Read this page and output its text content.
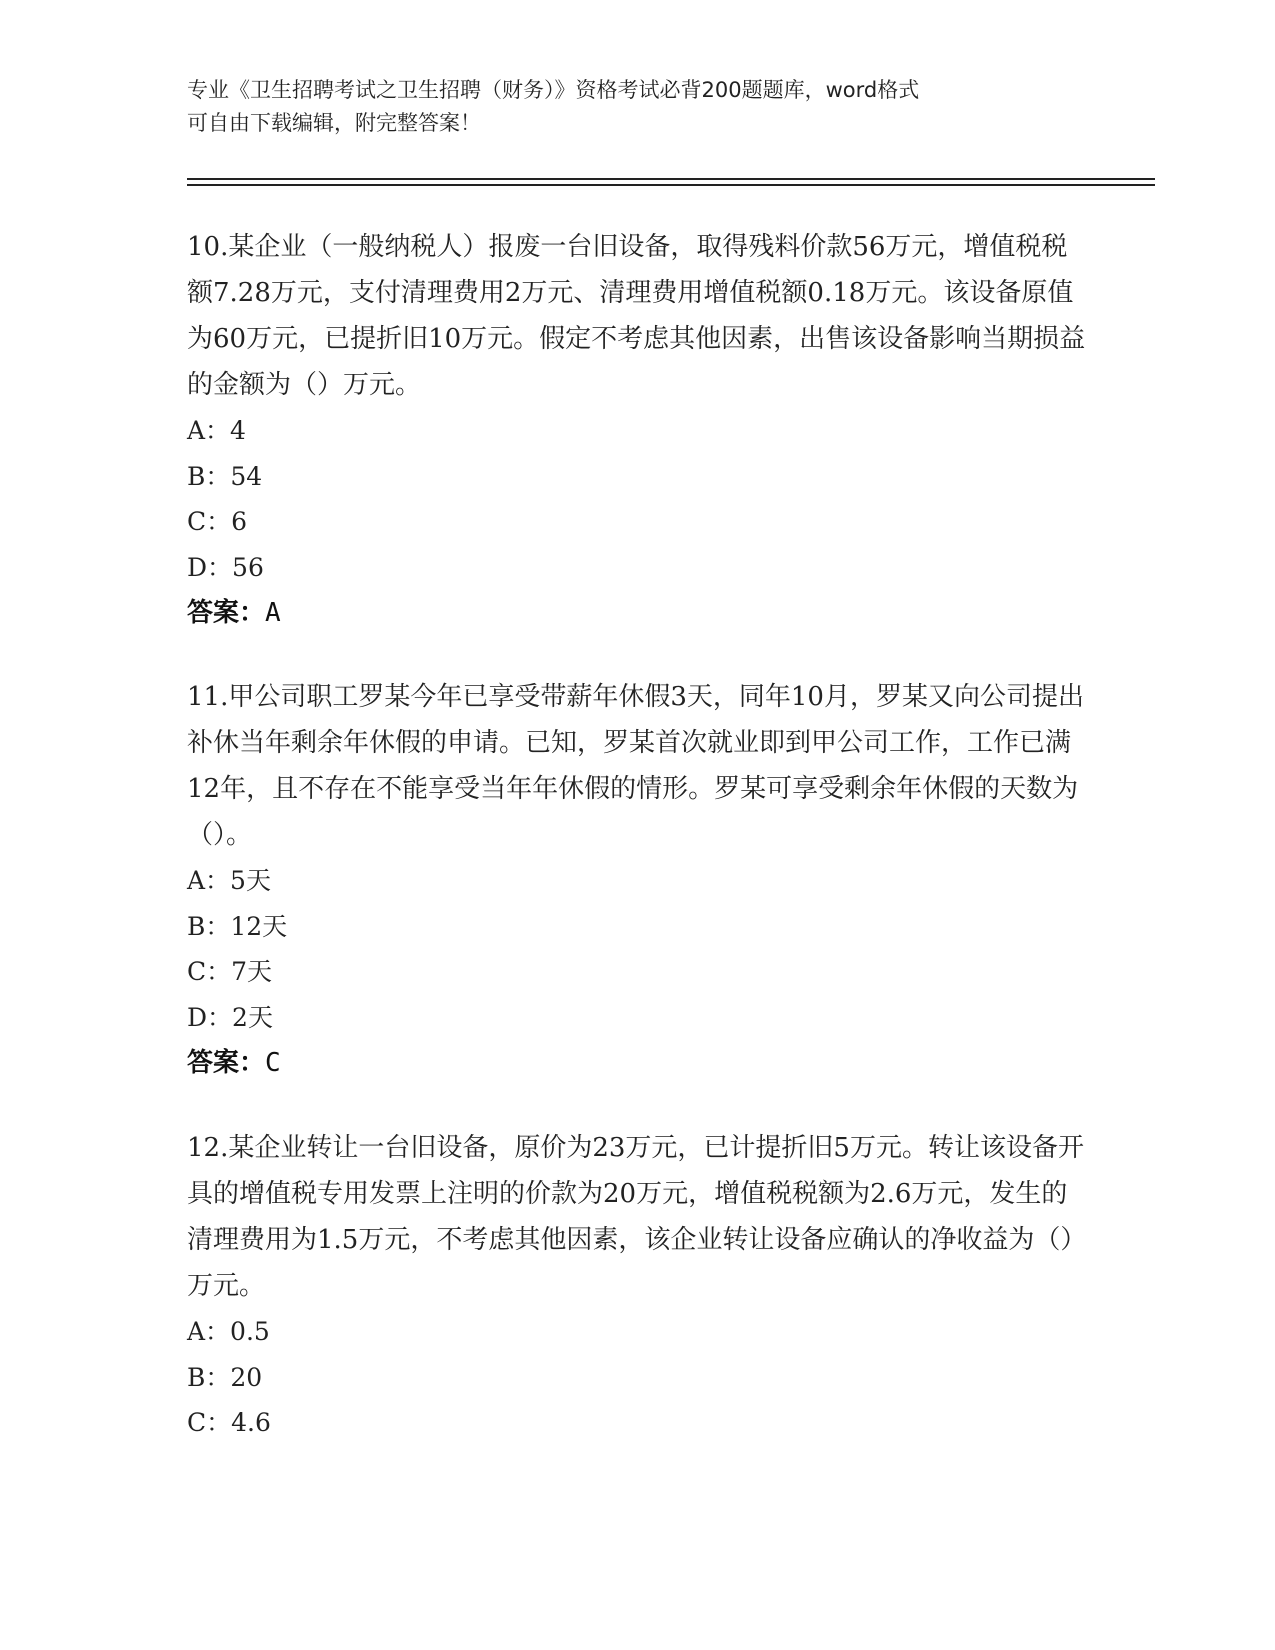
专业《卫生招聘考试之卫生招聘（财务）》资格考试必背200题题库，word格式
可自由下载编辑，附完整答案！

10.某企业（一般纳税人）报废一台旧设备，取得残料价款56万元，增值税税额7.28万元，支付清理费用2万元、清理费用增值税额0.18万元。该设备原值为60万元，已提折旧10万元。假定不考虑其他因素，出售该设备影响当期损益的金额为（）万元。

A：4
B：54
C：6
D：56
答案：A

11.甲公司职工罗某今年已享受带薪年休假3天，同年10月，罗某又向公司提出补休当年剩余年休假的申请。已知，罗某首次就业即到甲公司工作，工作已满12年，且不存在不能享受当年年休假的情形。罗某可享受剩余年休假的天数为（）。

A：5天
B：12天
C：7天
D：2天
答案：C

12.某企业转让一台旧设备，原价为23万元，已计提折旧5万元。转让该设备开具的增值税专用发票上注明的价款为20万元，增值税税额为2.6万元，发生的清理费用为1.5万元，不考虑其他因素，该企业转让设备应确认的净收益为（）万元。

A：0.5
B：20
C：4.6
